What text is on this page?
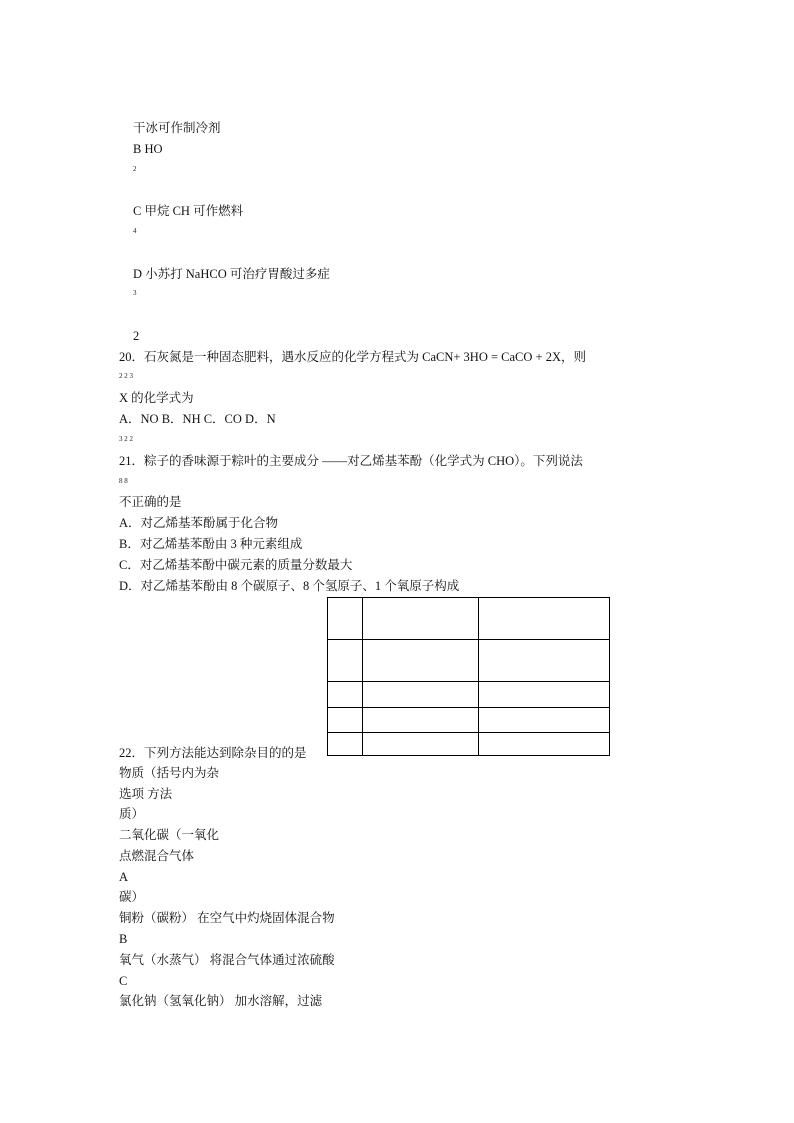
干冰可作制冷剂
B HO
2
C 甲烷 CH 可作燃料
4
D 小苏打 NaHCO 可治疗胃酸过多症
3
2
20．石灰氮是一种固态肥料，遇水反应的化学方程式为 CaCN+ 3HO = CaCO + 2X，则
2 2 3
X 的化学式为
A．NO B．NH C．CO D．N
3 2 2
21．粽子的香味源于粽叶的主要成分 ——对乙烯基苯酚（化学式为 CHO）。下列说法
8 8
不正确的是
A．对乙烯基苯酚属于化合物
B．对乙烯基苯酚由 3 种元素组成
C．对乙烯基苯酚中碳元素的质量分数最大
D．对乙烯基苯酚由 8 个碳原子、8 个氢原子、1 个氧原子构成
22．下列方法能达到除杂目的的是
物质（括号内为杂
选项 方法
质）
二氧化碳（一氧化
点燃混合气体
A
碳）
铜粉（碳粉） 在空气中灼烧固体混合物
B
氧气（水蒸气） 将混合气体通过浓硫酸
C
氯化钠（氢氧化钠） 加水溶解，过滤
